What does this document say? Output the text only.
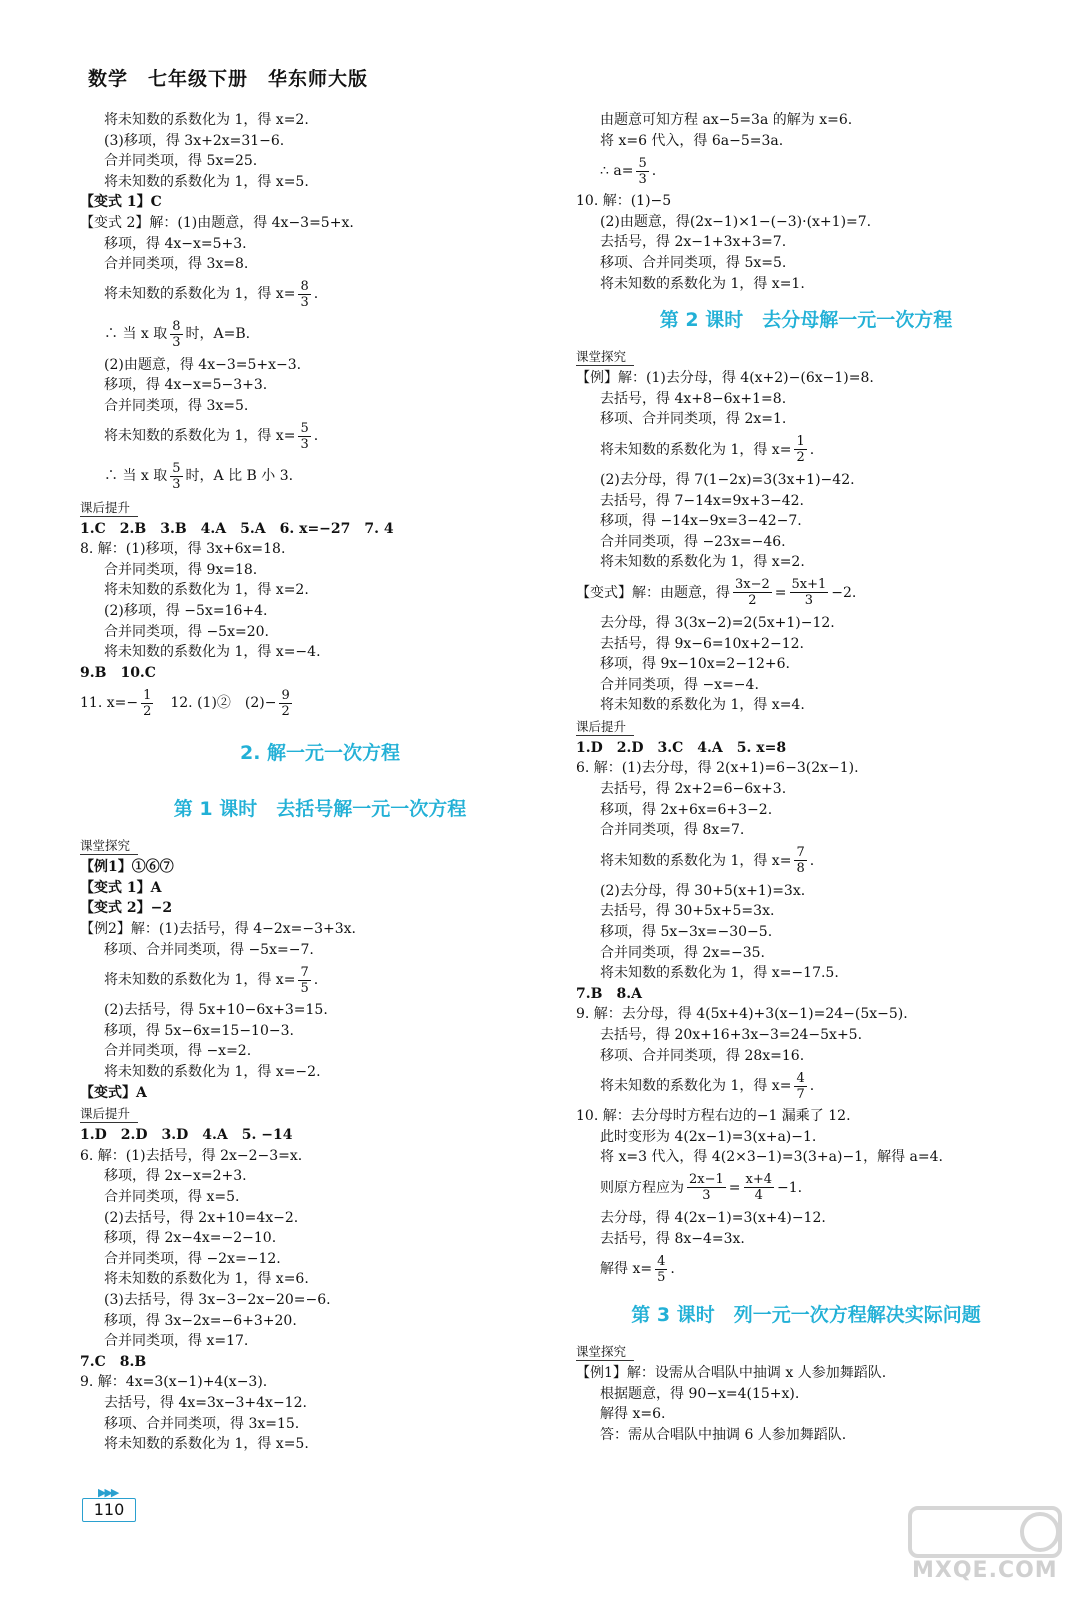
数学　七年级下册　华东师大版
将未知数的系数化为 1，得 x=2.
(3)移项，得 3x+2x=31−6.
合并同类项，得 5x=25.
将未知数的系数化为 1，得 x=5.
【变式 1】C
【变式 2】解：(1)由题意，得 4x−3=5+x.
移项，得 4x−x=5+3.
合并同类项，得 3x=8.
将未知数的系数化为 1，得 $x= \frac{8}{3}$ .
∴ 当 x 取 $\frac{8}{3}$ 时，A=B.
(2)由题意，得 4x−3=5+x−3.
移项，得 4x−x=5−3+3.
合并同类项，得 3x=5.
将未知数的系数化为 1，得 $x= \frac{5}{3}$ .
∴ 当 x 取 $\frac{5}{3}$ 时，A 比 B 小 3.
课后提升
1.C　2.B　3.B　4.A　5.A　6. x=−27　7. 4
8. 解：(1)移项，得 3x+6x=18.
合并同类项，得 9x=18.
将未知数的系数化为 1，得 x=2.
(2)移项，得 −5x=16+4.
合并同类项，得 −5x=20.
将未知数的系数化为 1，得 x=−4.
9.B　10.C
11. $x=- \frac{1}{2}$ 　12. (1)②　$(2)- \frac{9}{2}$
2. 解一元一次方程
第 1 课时　去括号解一元一次方程
课堂探究
【例1】①⑥⑦
【变式 1】A
【变式 2】−2
【例2】解：(1)去括号，得 4−2x=−3+3x.
移项、合并同类项，得 −5x=−7.
将未知数的系数化为 1，得 $x= \frac{7}{5}$ .
(2)去括号，得 5x+10−6x+3=15.
移项，得 5x−6x=15−10−3.
合并同类项，得 −x=2.
将未知数的系数化为 1，得 x=−2.
【变式】A
课后提升
1.D　2.D　3.D　4.A　5. −14
6. 解：(1)去括号，得 2x−2−3=x.
移项，得 2x−x=2+3.
合并同类项，得 x=5.
(2)去括号，得 2x+10=4x−2.
移项，得 2x−4x=−2−10.
合并同类项，得 −2x=−12.
将未知数的系数化为 1，得 x=6.
(3)去括号，得 3x−3−2x−20=−6.
移项，得 3x−2x=−6+3+20.
合并同类项，得 x=17.
7.C　8.B
9. 解：4x=3(x−1)+4(x−3).
去括号，得 4x=3x−3+4x−12.
移项、合并同类项，得 3x=15.
将未知数的系数化为 1，得 x=5.
由题意可知方程 ax−5=3a 的解为 x=6.
将 x=6 代入，得 6a−5=3a.
∴ $a= \frac{5}{3}$ .
10. 解：(1)−5
(2)由题意，得(2x−1)×1−(−3)·(x+1)=7.
去括号，得 2x−1+3x+3=7.
移项、合并同类项，得 5x=5.
将未知数的系数化为 1，得 x=1.
第 2 课时　去分母解一元一次方程
课堂探究
【例】解：(1)去分母，得 4(x+2)−(6x−1)=8.
去括号，得 4x+8−6x+1=8.
移项、合并同类项，得 2x=1.
将未知数的系数化为 1，得 $x= \frac{1}{2}$ .
(2)去分母，得 7(1−2x)=3(3x+1)−42.
去括号，得 7−14x=9x+3−42.
移项，得 −14x−9x=3−42−7.
合并同类项，得 −23x=−46.
将未知数的系数化为 1，得 x=2.
【变式】解：由题意，得 $\frac{3x-2}{2} = \frac{5x+1}{3} -2$.
去分母，得 3(3x−2)=2(5x+1)−12.
去括号，得 9x−6=10x+2−12.
移项，得 9x−10x=2−12+6.
合并同类项，得 −x=−4.
将未知数的系数化为 1，得 x=4.
课后提升
1.D　2.D　3.C　4.A　5. x=8
6. 解：(1)去分母，得 2(x+1)=6−3(2x−1).
去括号，得 2x+2=6−6x+3.
移项，得 2x+6x=6+3−2.
合并同类项，得 8x=7.
将未知数的系数化为 1，得 $x= \frac{7}{8}$ .
(2)去分母，得 30+5(x+1)=3x.
去括号，得 30+5x+5=3x.
移项，得 5x−3x=−30−5.
合并同类项，得 2x=−35.
将未知数的系数化为 1，得 x=−17.5.
7.B　8.A
9. 解：去分母，得 4(5x+4)+3(x−1)=24−(5x−5).
去括号，得 20x+16+3x−3=24−5x+5.
移项、合并同类项，得 28x=16.
将未知数的系数化为 1，得 $x= \frac{4}{7}$ .
10. 解：去分母时方程右边的−1 漏乘了 12.
此时变形为 4(2x−1)=3(x+a)−1.
将 x=3 代入，得 4(2×3−1)=3(3+a)−1，解得 a=4.
则原方程应为 $\frac{2x-1}{3} = \frac{x+4}{4} -1$.
去分母，得 4(2x−1)=3(x+4)−12.
去括号，得 8x−4=3x.
解得 $x= \frac{4}{5}$ .
第 3 课时　列一元一次方程解决实际问题
课堂探究
【例1】解：设需从合唱队中抽调 x 人参加舞蹈队.
根据题意，得 90−x=4(15+x).
解得 x=6.
答：需从合唱队中抽调 6 人参加舞蹈队.
▶▶▶
110
MXQE.COM
